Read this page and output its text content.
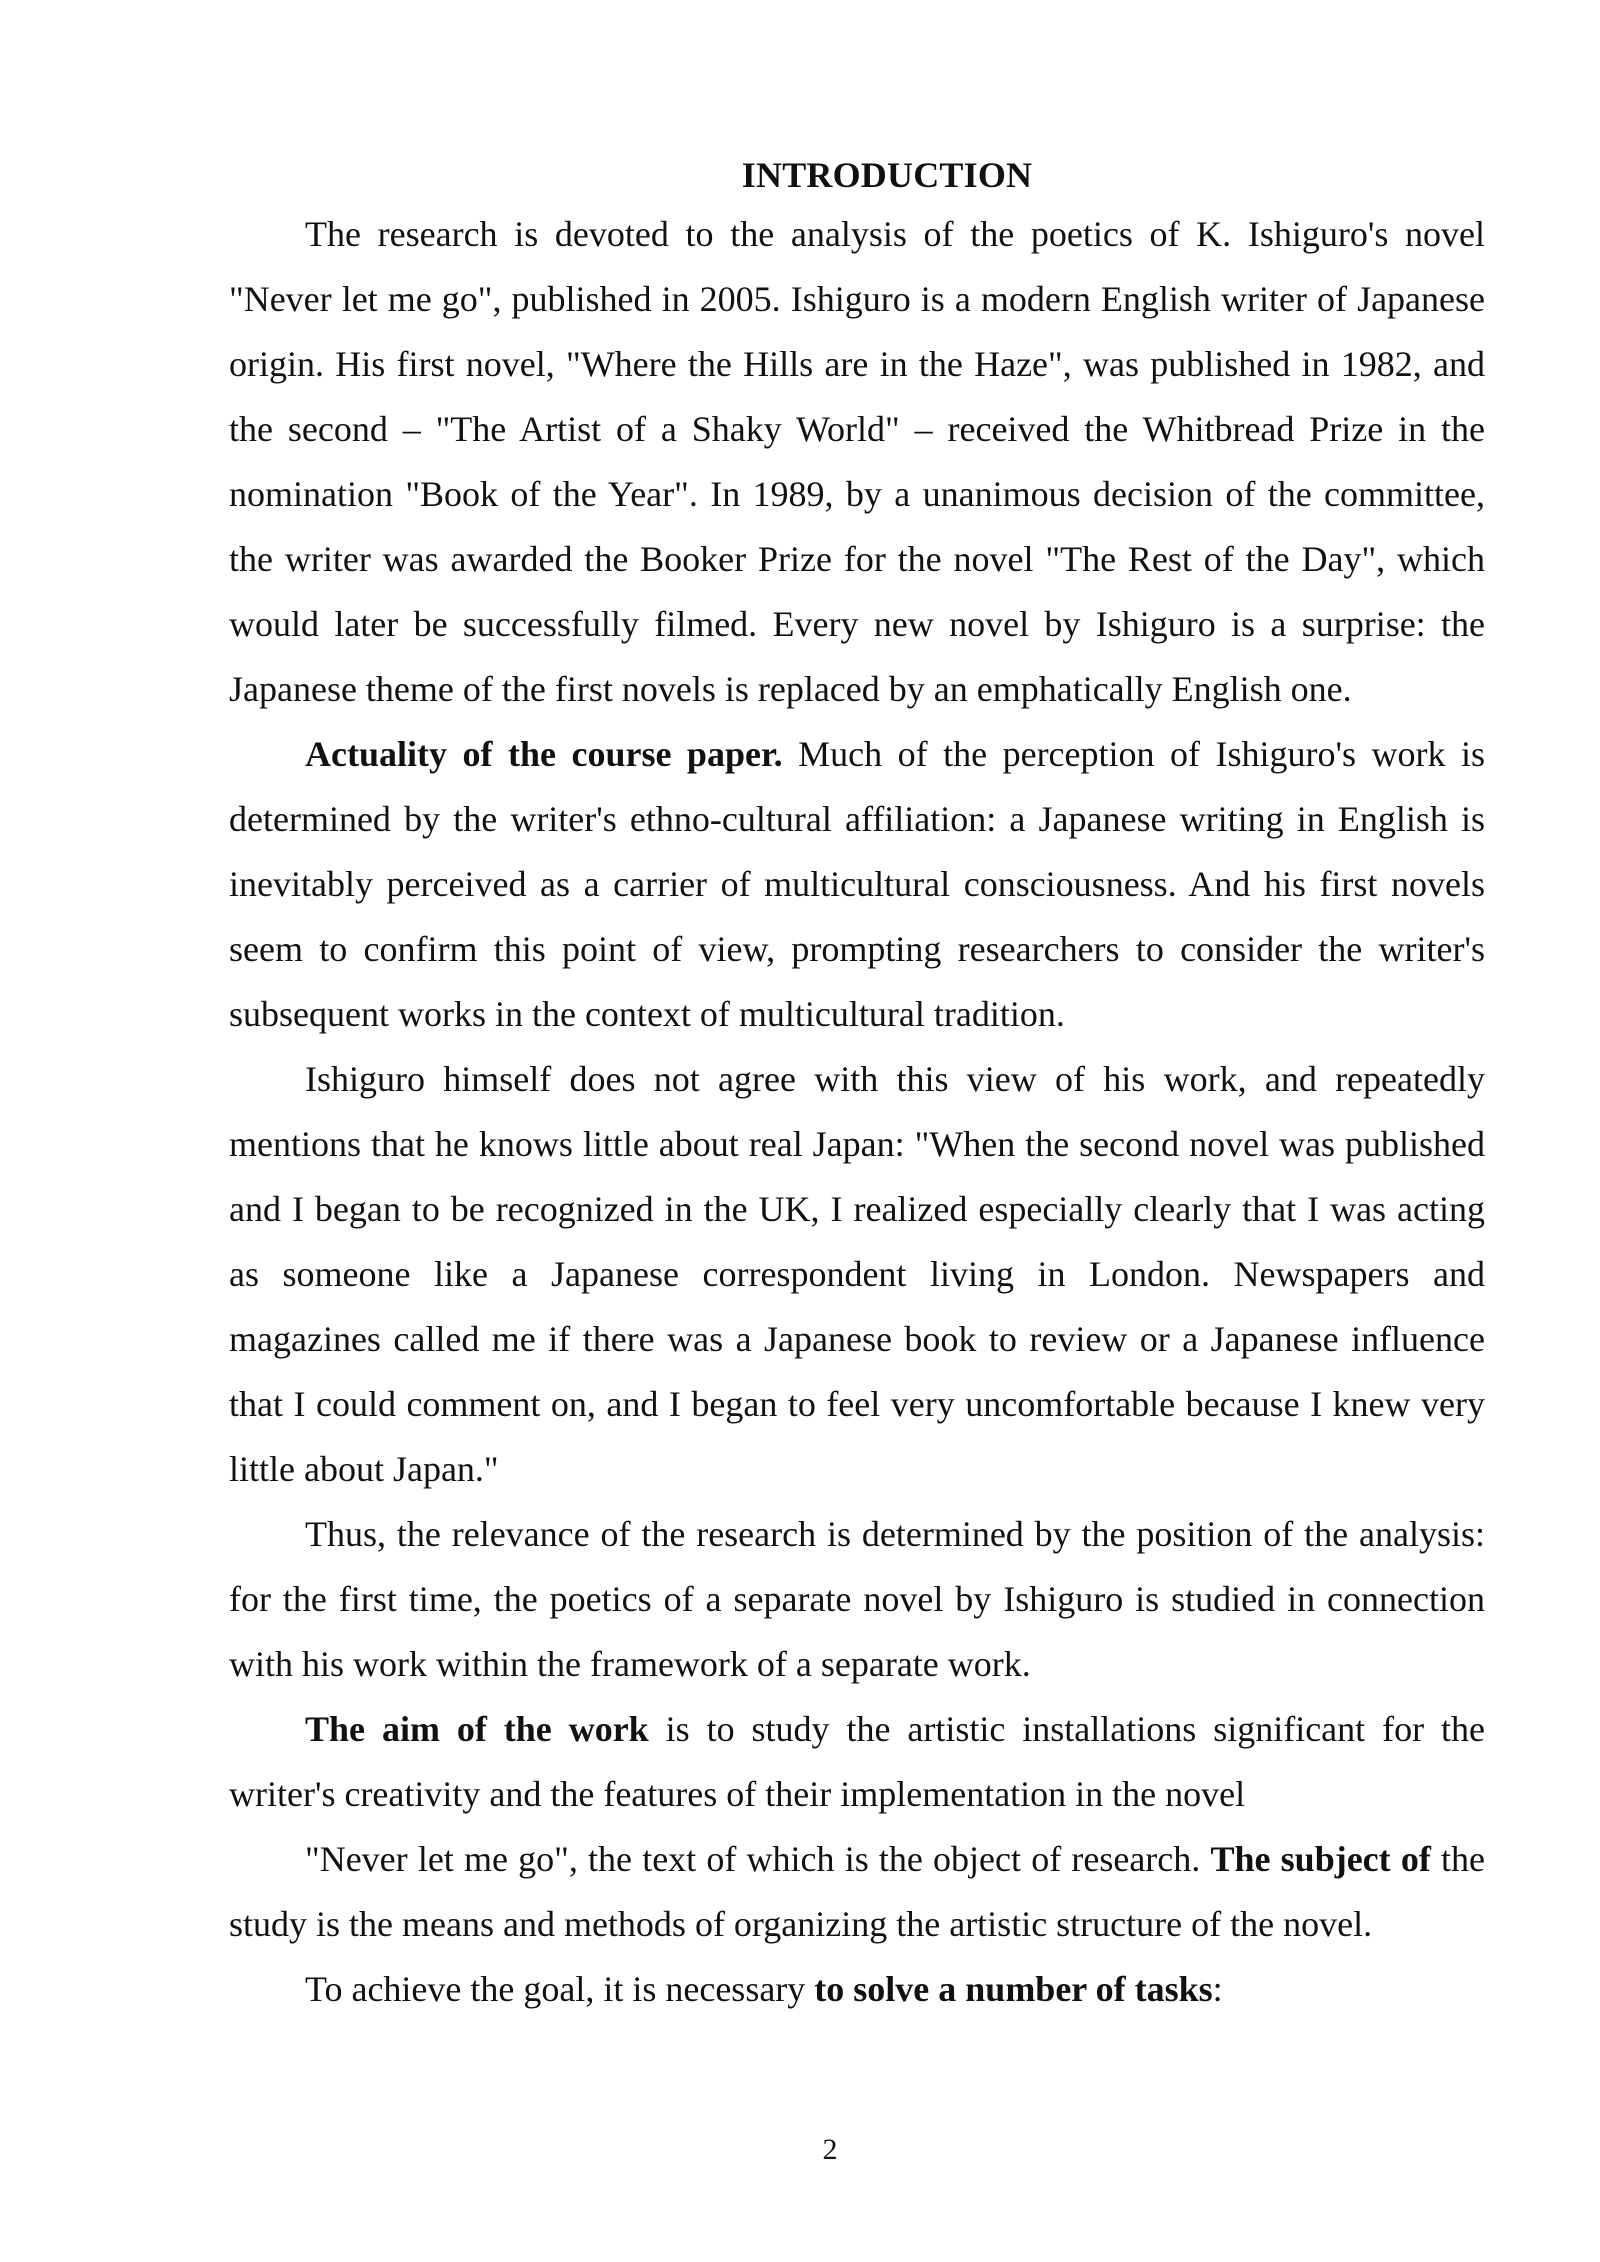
INTRODUCTION

The research is devoted to the analysis of the poetics of K. Ishiguro's novel "Never let me go", published in 2005. Ishiguro is a modern English writer of Japanese origin. His first novel, "Where the Hills are in the Haze", was published in 1982, and the second – "The Artist of a Shaky World" – received the Whitbread Prize in the nomination "Book of the Year". In 1989, by a unanimous decision of the committee, the writer was awarded the Booker Prize for the novel "The Rest of the Day", which would later be successfully filmed. Every new novel by Ishiguro is a surprise: the Japanese theme of the first novels is replaced by an emphatically English one.

Actuality of the course paper. Much of the perception of Ishiguro's work is determined by the writer's ethno-cultural affiliation: a Japanese writing in English is inevitably perceived as a carrier of multicultural consciousness. And his first novels seem to confirm this point of view, prompting researchers to consider the writer's subsequent works in the context of multicultural tradition.

Ishiguro himself does not agree with this view of his work, and repeatedly mentions that he knows little about real Japan: "When the second novel was published and I began to be recognized in the UK, I realized especially clearly that I was acting as someone like a Japanese correspondent living in London. Newspapers and magazines called me if there was a Japanese book to review or a Japanese influence that I could comment on, and I began to feel very uncomfortable because I knew very little about Japan."

Thus, the relevance of the research is determined by the position of the analysis: for the first time, the poetics of a separate novel by Ishiguro is studied in connection with his work within the framework of a separate work.

The aim of the work is to study the artistic installations significant for the writer's creativity and the features of their implementation in the novel

"Never let me go", the text of which is the object of research. The subject of the study is the means and methods of organizing the artistic structure of the novel.

To achieve the goal, it is necessary to solve a number of tasks:

2
